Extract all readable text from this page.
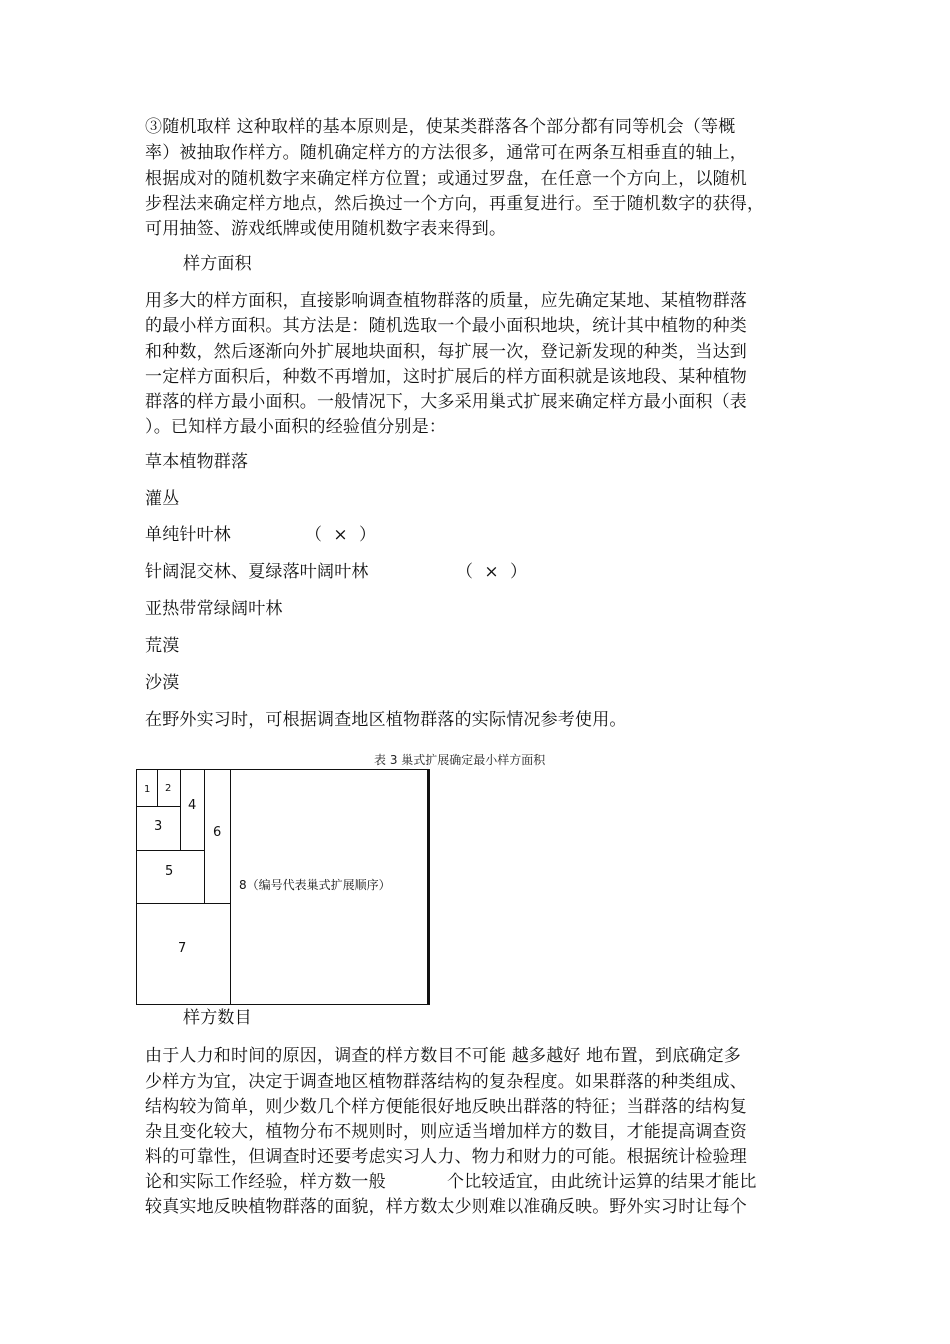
③随机取样 这种取样的基本原则是，使某类群落各个部分都有同等机会（等概
率）被抽取作样方。随机确定样方的方法很多，通常可在两条互相垂直的轴上，
根据成对的随机数字来确定样方位置；或通过罗盘，在任意一个方向上，以随机
步程法来确定样方地点，然后换过一个方向，再重复进行。至于随机数字的获得，
可用抽签、游戏纸牌或使用随机数字表来得到。
样方面积
用多大的样方面积，直接影响调查植物群落的质量，应先确定某地、某植物群落
的最小样方面积。其方法是：随机选取一个最小面积地块，统计其中植物的种类
和种数，然后逐渐向外扩展地块面积，每扩展一次，登记新发现的种类，当达到
一定样方面积后，种数不再增加，这时扩展后的样方面积就是该地段、某种植物
群落的样方最小面积。一般情况下，大多采用巢式扩展来确定样方最小面积（表
）。已知样方最小面积的经验值分别是：
草本植物群落
灌丛
单纯针叶林	（  ×  ）
针阔混交林、夏绿落叶阔叶林	（  ×  ）
亚热带常绿阔叶林
荒漠
沙漠
在野外实习时，可根据调查地区植物群落的实际情况参考使用。
表 3 巢式扩展确定最小样方面积
1 2
3
4
5
6
7
8（编号代表巢式扩展顺序）
样方数目
由于人力和时间的原因，调查的样方数目不可能 越多越好 地布置，到底确定多
少样方为宜，决定于调查地区植物群落结构的复杂程度。如果群落的种类组成、
结构较为简单，则少数几个样方便能很好地反映出群落的特征；当群落的结构复
杂且变化较大，植物分布不规则时，则应适当增加样方的数目，才能提高调查资
料的可靠性，但调查时还要考虑实习人力、物力和财力的可能。根据统计检验理
论和实际工作经验，样方数一般	个比较适宜，由此统计运算的结果才能比
较真实地反映植物群落的面貌，样方数太少则难以准确反映。野外实习时让每个
